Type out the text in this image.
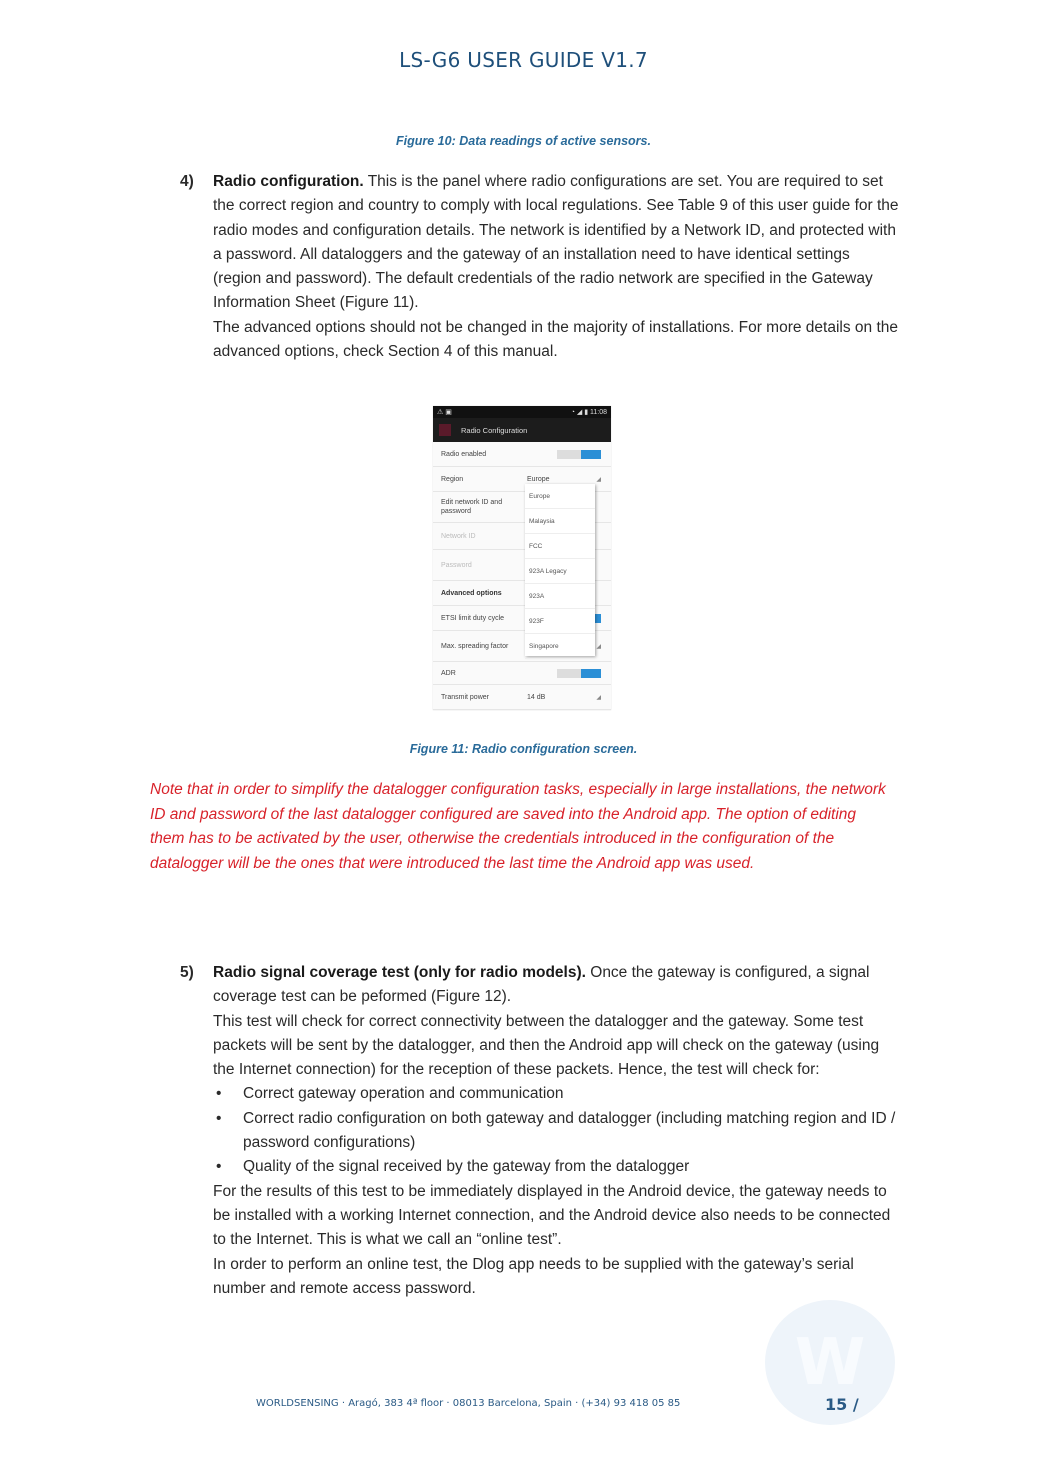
LS-G6 USER GUIDE V1.7
Figure 10: Data readings of active sensors.
4) Radio configuration. This is the panel where radio configurations are set. You are required to set the correct region and country to comply with local regulations. See Table 9 of this user guide for the radio modes and configuration details. The network is identified by a Network ID, and protected with a password. All dataloggers and the gateway of an installation need to have identical settings (region and password). The default credentials of the radio network are specified in the Gateway Information Sheet (Figure 11).
The advanced options should not be changed in the majority of installations. For more details on the advanced options, check Section 4 of this manual.
⚠ ▣	◔ ◢ ▮ 11:08
Radio Configuration
Radio enabled
Region	Europe	◢
Edit network ID and password
Network ID
Password
Advanced options
ETSI limit duty cycle
Max. spreading factor	◢
ADR
Transmit power	14 dB	◢
Europe
Malaysia
FCC
923A Legacy
923A
923F
Singapore
Figure 11: Radio configuration screen.
Note that in order to simplify the datalogger configuration tasks, especially in large installations, the network ID and password of the last datalogger configured are saved into the Android app. The option of editing them has to be activated by the user, otherwise the credentials introduced in the configuration of the datalogger will be the ones that were introduced the last time the Android app was used.
5) Radio signal coverage test (only for radio models). Once the gateway is configured, a signal coverage test can be peformed (Figure 12).
This test will check for correct connectivity between the datalogger and the gateway. Some test packets will be sent by the datalogger, and then the Android app will check on the gateway (using the Internet connection) for the reception of these packets. Hence, the test will check for:
• Correct gateway operation and communication
• Correct radio configuration on both gateway and datalogger (including matching region and ID / password configurations)
• Quality of the signal received by the gateway from the datalogger
For the results of this test to be immediately displayed in the Android device, the gateway needs to be installed with a working Internet connection, and the Android device also needs to be connected to the Internet. This is what we call an “online test”.
In order to perform an online test, the Dlog app needs to be supplied with the gateway’s serial number and remote access password.
W
WORLDSENSING · Aragó, 383 4ª floor · 08013 Barcelona, Spain · (+34) 93 418 05 85	15 /
